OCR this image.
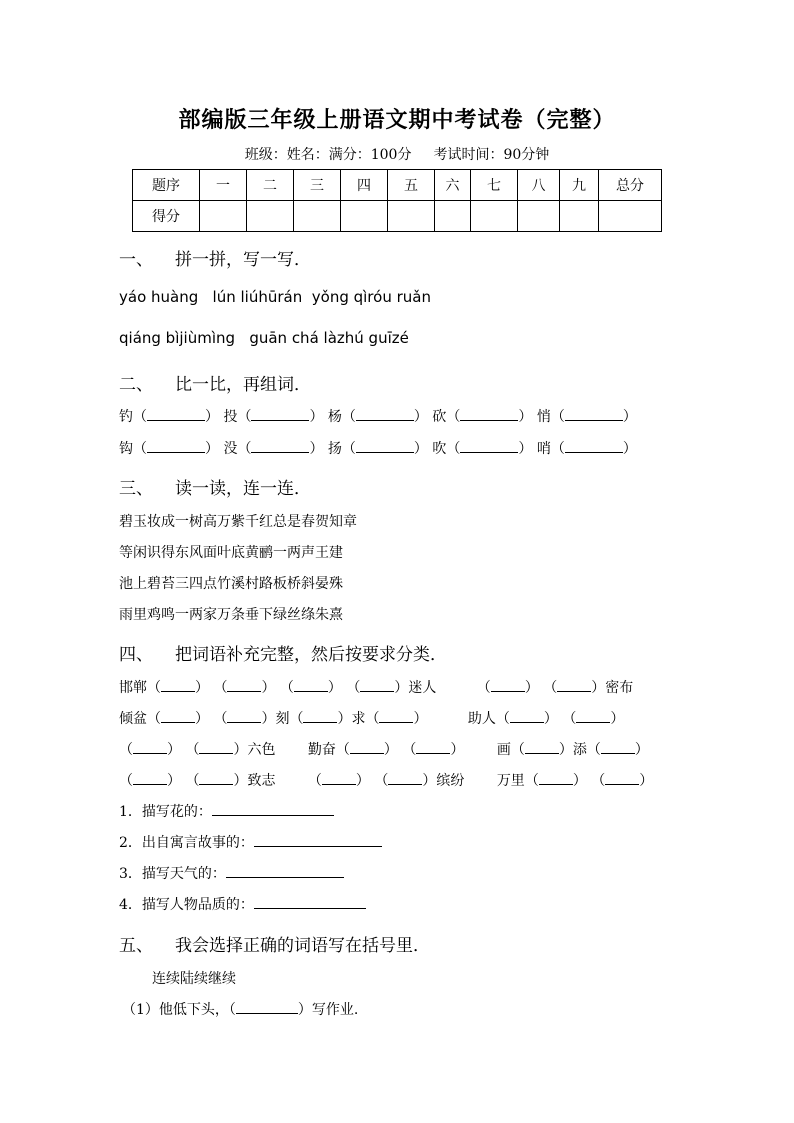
部编版三年级上册语文期中考试卷（完整）
班级：姓名：满分：100分 考试时间：90分钟
题序	一	二	三	四	五	六	七	八	九	总分
得分										
一、 拼一拼，写一写．
yáo huàng   lún liúhūrán  yǒng qìróu ruǎn
qiáng bìjiùmìng   guān chá làzhú guīzé
二、 比一比，再组词．
钓（	） 投（	） 杨（	） 砍（	） 悄（	）
钩（	） 没（	） 扬（	） 吹（	） 哨（	）
三、 读一读，连一连．
碧玉妆成一树高万紫千红总是春贺知章
等闲识得东风面叶底黄鹂一两声王建
池上碧苔三四点竹溪村路板桥斜晏殊
雨里鸡鸣一两家万条垂下绿丝绦朱熹
四、 把词语补充完整，然后按要求分类．
邯郸（ ） （ ） （ ） （ ）迷人	（ ） （ ）密布
倾盆（ ） （ ）刻（ ）求（ ）	助人（ ） （ ）
（ ） （ ）六色 勤奋（ ） （ ） 画（ ）添（ ）
（ ） （ ）致志 （ ） （ ）缤纷 万里（ ） （ ）
1．描写花的：
2．出自寓言故事的：
3．描写天气的：
4．描写人物品质的：
五、 我会选择正确的词语写在括号里．
连续陆续继续
（1）他低下头，（	）写作业.
